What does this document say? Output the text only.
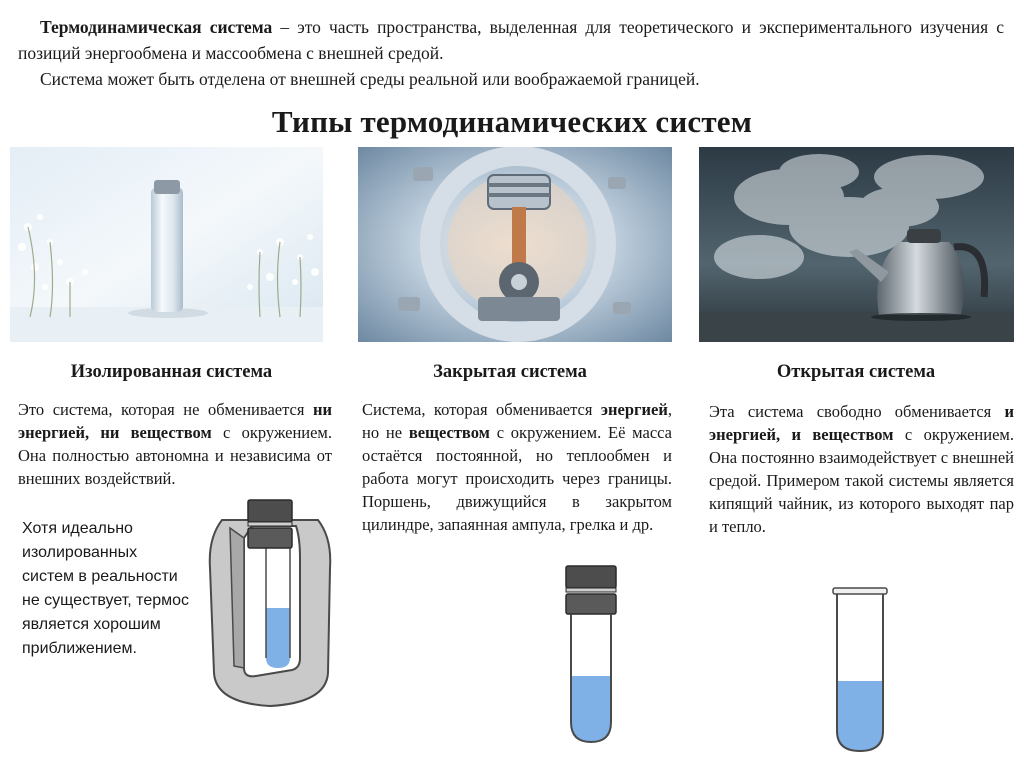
Термодинамическая система – это часть пространства, выделенная для теоретического и экспериментального изучения с позиций энергообмена и массообмена с внешней средой.

Система может быть отделена от внешней среды реальной или воображаемой границей.

Типы термодинамических систем
Изолированная система	Закрытая система	Открытая система

Это система, которая не обменивается ни энергией, ни веществом с окружением. Она полностью автономна и независима от внешних воздействий.

Система, которая обменивается энергией, но не веществом с окружением. Её масса остаётся постоянной, но теплообмен и работа могут происходить через границы. Поршень, движущийся в закрытом цилиндре, запаянная ампула, грелка и др.

Эта система свободно обменивается и энергией, и веществом с окружением. Она постоянно взаимодействует с внешней средой. Примером такой системы является кипящий чайник, из которого выходят пар и тепло.

Хотя идеально изолированных систем в реальности не существует, термос является хорошим приближением.
